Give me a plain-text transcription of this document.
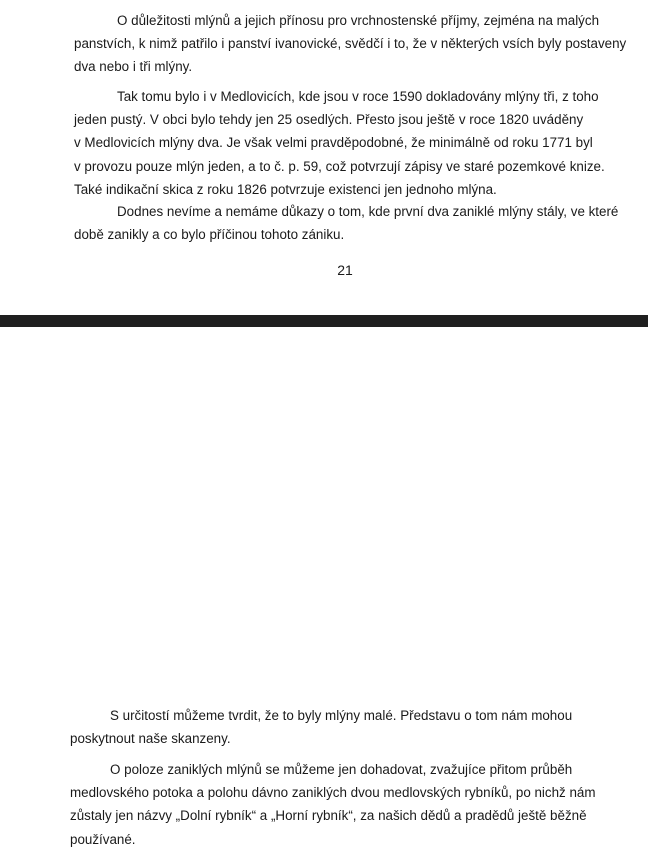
O důležitosti mlýnů a jejich přínosu pro vrchnostenské příjmy, zejména na malých
panstvích, k nimž patřilo i panství ivanovické, svědčí i to, že v některých vsích byly postaveny
dva nebo i tři mlýny.

Tak tomu bylo i v Medlovicích, kde jsou v roce 1590 dokladovány mlýny tři, z toho
jeden pustý. V obci bylo tehdy jen 25 osedlých. Přesto jsou ještě v roce 1820 uváděny
v Medlovicích mlýny dva. Je však velmi pravděpodobné, že minimálně od roku 1771 byl
v provozu pouze mlýn jeden, a to č. p. 59, což potvrzují zápisy ve staré pozemkové knize.
Také indikační skica z roku 1826 potvrzuje existenci jen jednoho mlýna.

Dodnes nevíme a nemáme důkazy o tom, kde první dva zaniklé mlýny stály, ve které
době zanikly a co bylo příčinou tohoto zániku.

21

S určitostí můžeme tvrdit, že to byly mlýny malé. Představu o tom nám mohou
poskytnout naše skanzeny.

O poloze zaniklých mlýnů se můžeme jen dohadovat, zvažujíce přitom průběh
medlovského potoka a polohu dávno zaniklých dvou medlovských rybníků, po nichž nám
zůstaly jen názvy „Dolní rybník“ a „Horní rybník“, za našich dědů a pradědů ještě běžně
používané.
